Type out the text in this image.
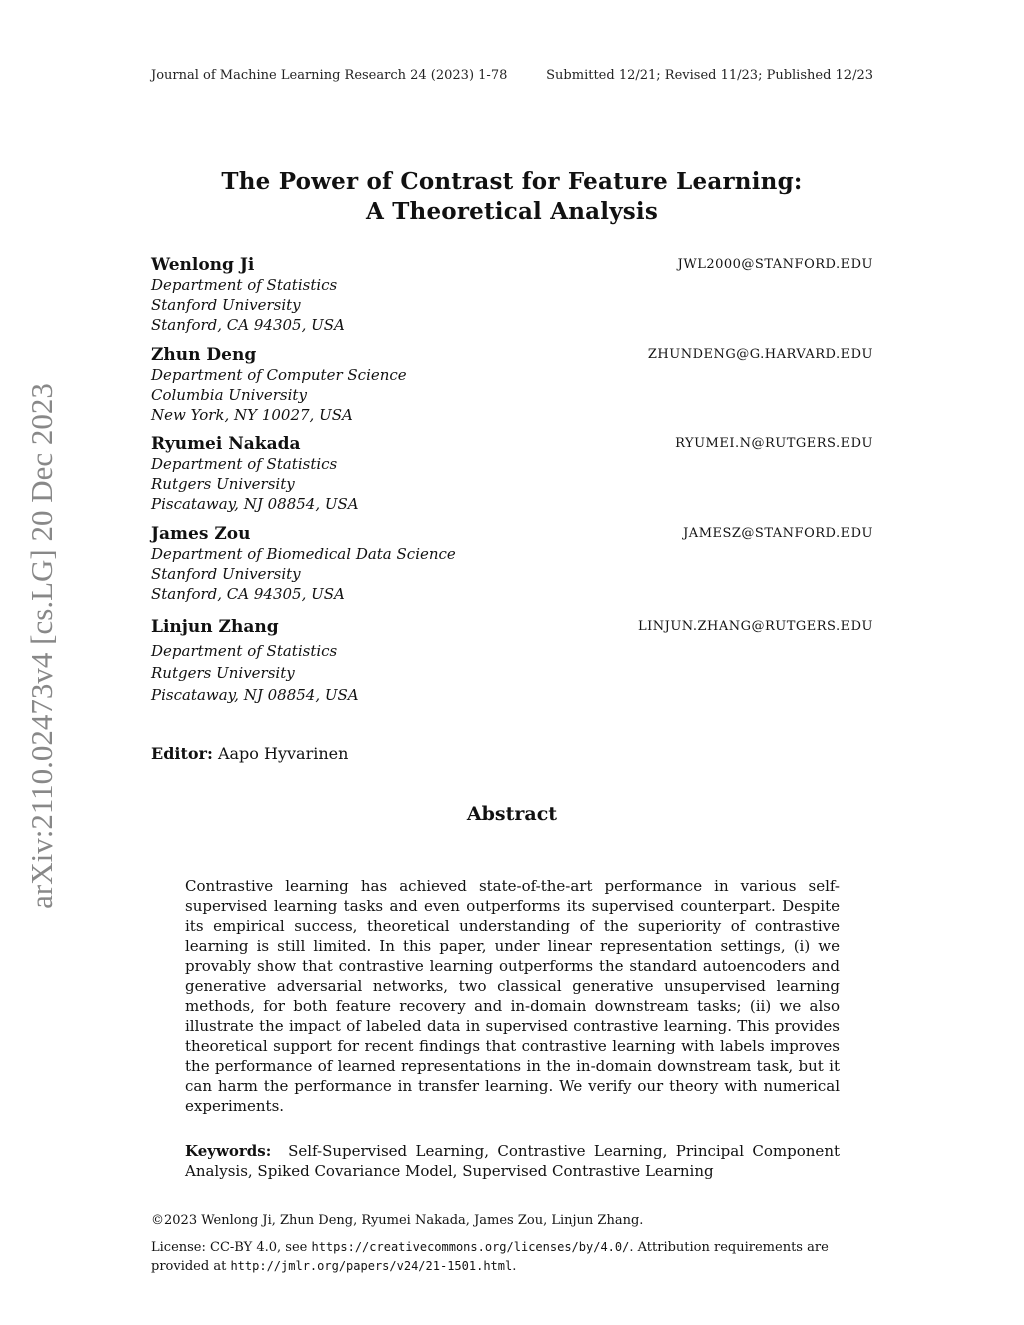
Journal of Machine Learning Research 24 (2023) 1-78	Submitted 12/21; Revised 11/23; Published 12/23
The Power of Contrast for Feature Learning:
A Theoretical Analysis
arXiv:2110.02473v4 [cs.LG] 20 Dec 2023
Wenlong Ji	JWL2000@STANFORD.EDU
Department of Statistics
Stanford University
Stanford, CA 94305, USA
Zhun Deng	ZHUNDENG@G.HARVARD.EDU
Department of Computer Science
Columbia University
New York, NY 10027, USA
Ryumei Nakada	RYUMEI.N@RUTGERS.EDU
Department of Statistics
Rutgers University
Piscataway, NJ 08854, USA
James Zou	JAMESZ@STANFORD.EDU
Department of Biomedical Data Science
Stanford University
Stanford, CA 94305, USA
Linjun Zhang	LINJUN.ZHANG@RUTGERS.EDU
Department of Statistics
Rutgers University
Piscataway, NJ 08854, USA
Editor: Aapo Hyvarinen
Abstract
Contrastive learning has achieved state-of-the-art performance in various self-supervised learning tasks and even outperforms its supervised counterpart. Despite its empirical success, theoretical understanding of the superiority of contrastive learning is still limited. In this paper, under linear representation settings, (i) we provably show that contrastive learning outperforms the standard autoencoders and generative adversarial networks, two classical generative unsupervised learning methods, for both feature recovery and in-domain downstream tasks; (ii) we also illustrate the impact of labeled data in supervised contrastive learning. This provides theoretical support for recent findings that contrastive learning with labels improves the performance of learned representations in the in-domain downstream task, but it can harm the performance in transfer learning. We verify our theory with numerical experiments.
Keywords: Self-Supervised Learning, Contrastive Learning, Principal Component Analysis, Spiked Covariance Model, Supervised Contrastive Learning
©2023 Wenlong Ji, Zhun Deng, Ryumei Nakada, James Zou, Linjun Zhang.
License: CC-BY 4.0, see https://creativecommons.org/licenses/by/4.0/. Attribution requirements are provided at http://jmlr.org/papers/v24/21-1501.html.
